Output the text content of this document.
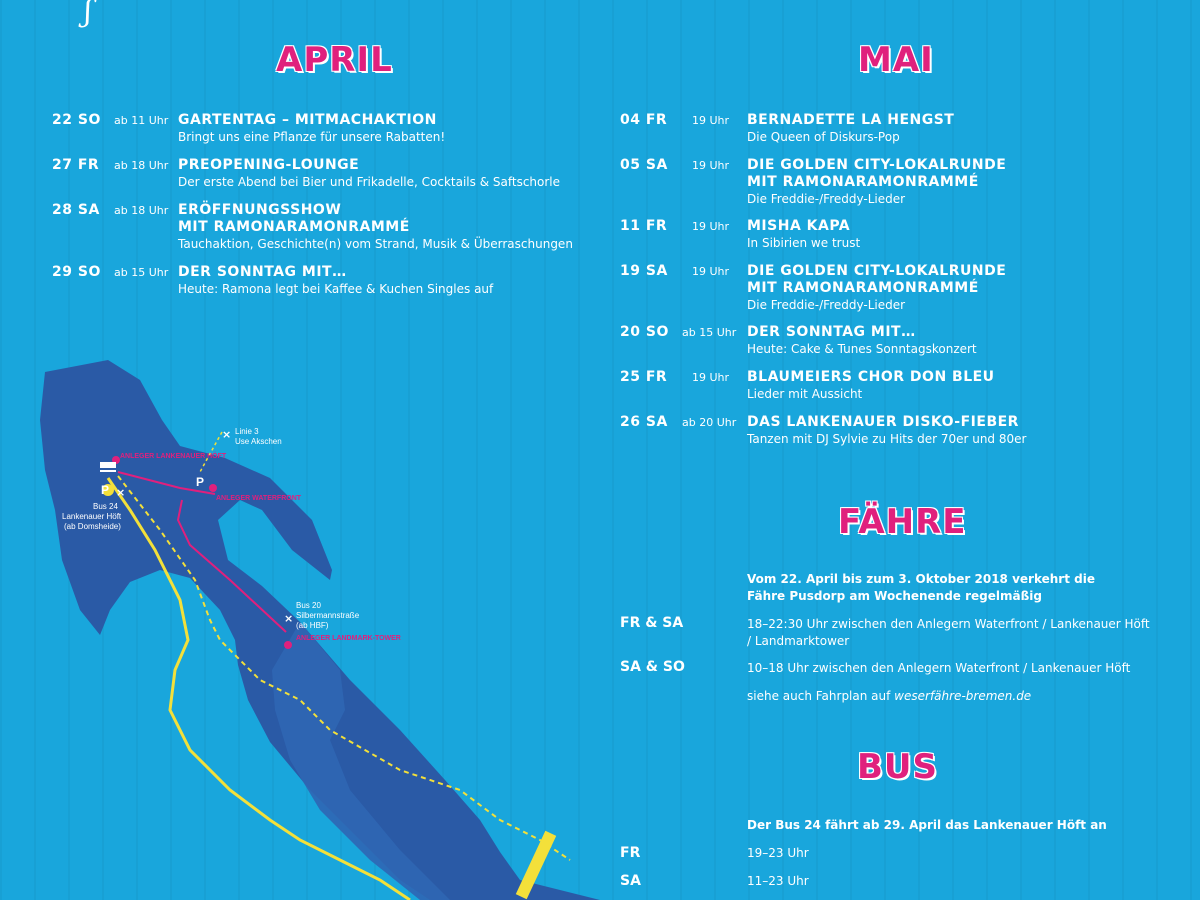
ʃ
APRIL
22 SO ab 11 Uhr GARTENTAG – MITMACHAKTION
Bringt uns eine Pflanze für unsere Rabatten!
27 FR ab 18 Uhr PREOPENING-LOUNGE
Der erste Abend bei Bier und Frikadelle, Cocktails & Saftschorle
28 SA ab 18 Uhr ERÖFFNUNGSSHOW
MIT RAMONARAMONRAMMÉ
Tauchaktion, Geschichte(n) vom Strand, Musik & Überraschungen
29 SO ab 15 Uhr DER SONNTAG MIT…
Heute: Ramona legt bei Kaffee & Kuchen Singles auf
MAI
04 FR 19 Uhr BERNADETTE LA HENGST
Die Queen of Diskurs-Pop
05 SA 19 Uhr DIE GOLDEN CITY-LOKALRUNDE
MIT RAMONARAMONRAMMÉ
Die Freddie-/Freddy-Lieder
11 FR 19 Uhr MISHA KAPA
In Sibirien we trust
19 SA 19 Uhr DIE GOLDEN CITY-LOKALRUNDE
MIT RAMONARAMONRAMMÉ
Die Freddie-/Freddy-Lieder
20 SO ab 15 Uhr DER SONNTAG MIT…
Heute: Cake & Tunes Sonntagskonzert
25 FR 19 Uhr BLAUMEIERS CHOR DON BLEU
Lieder mit Aussicht
26 SA ab 20 Uhr DAS LANKENAUER DISKO-FIEBER
Tanzen mit DJ Sylvie zu Hits der 70er und 80er
FÄHRE
Vom 22. April bis zum 3. Oktober 2018 verkehrt die
Fähre Pusdorp am Wochenende regelmäßig
FR & SA	18–22:30 Uhr zwischen den Anlegern Waterfront / Lankenauer Höft
/ Landmarktower
SA & SO	10–18 Uhr zwischen den Anlegern Waterfront / Lankenauer Höft
siehe auch Fahrplan auf weserfähre-bremen.de
BUS
Der Bus 24 fährt ab 29. April das Lankenauer Höft an
FR	19–23 Uhr
SA	11–23 Uhr
×
×
×
Linie 3
Use Akschen
Bus 24
Lankenauer Höft
(ab Domsheide)
Bus 20
Silbermannstraße
(ab HBF)
ANLEGER LANKENAUER HÖFT
ANLEGER WATERFRONT
ANLEGER LANDMARK-TOWER
P
P
